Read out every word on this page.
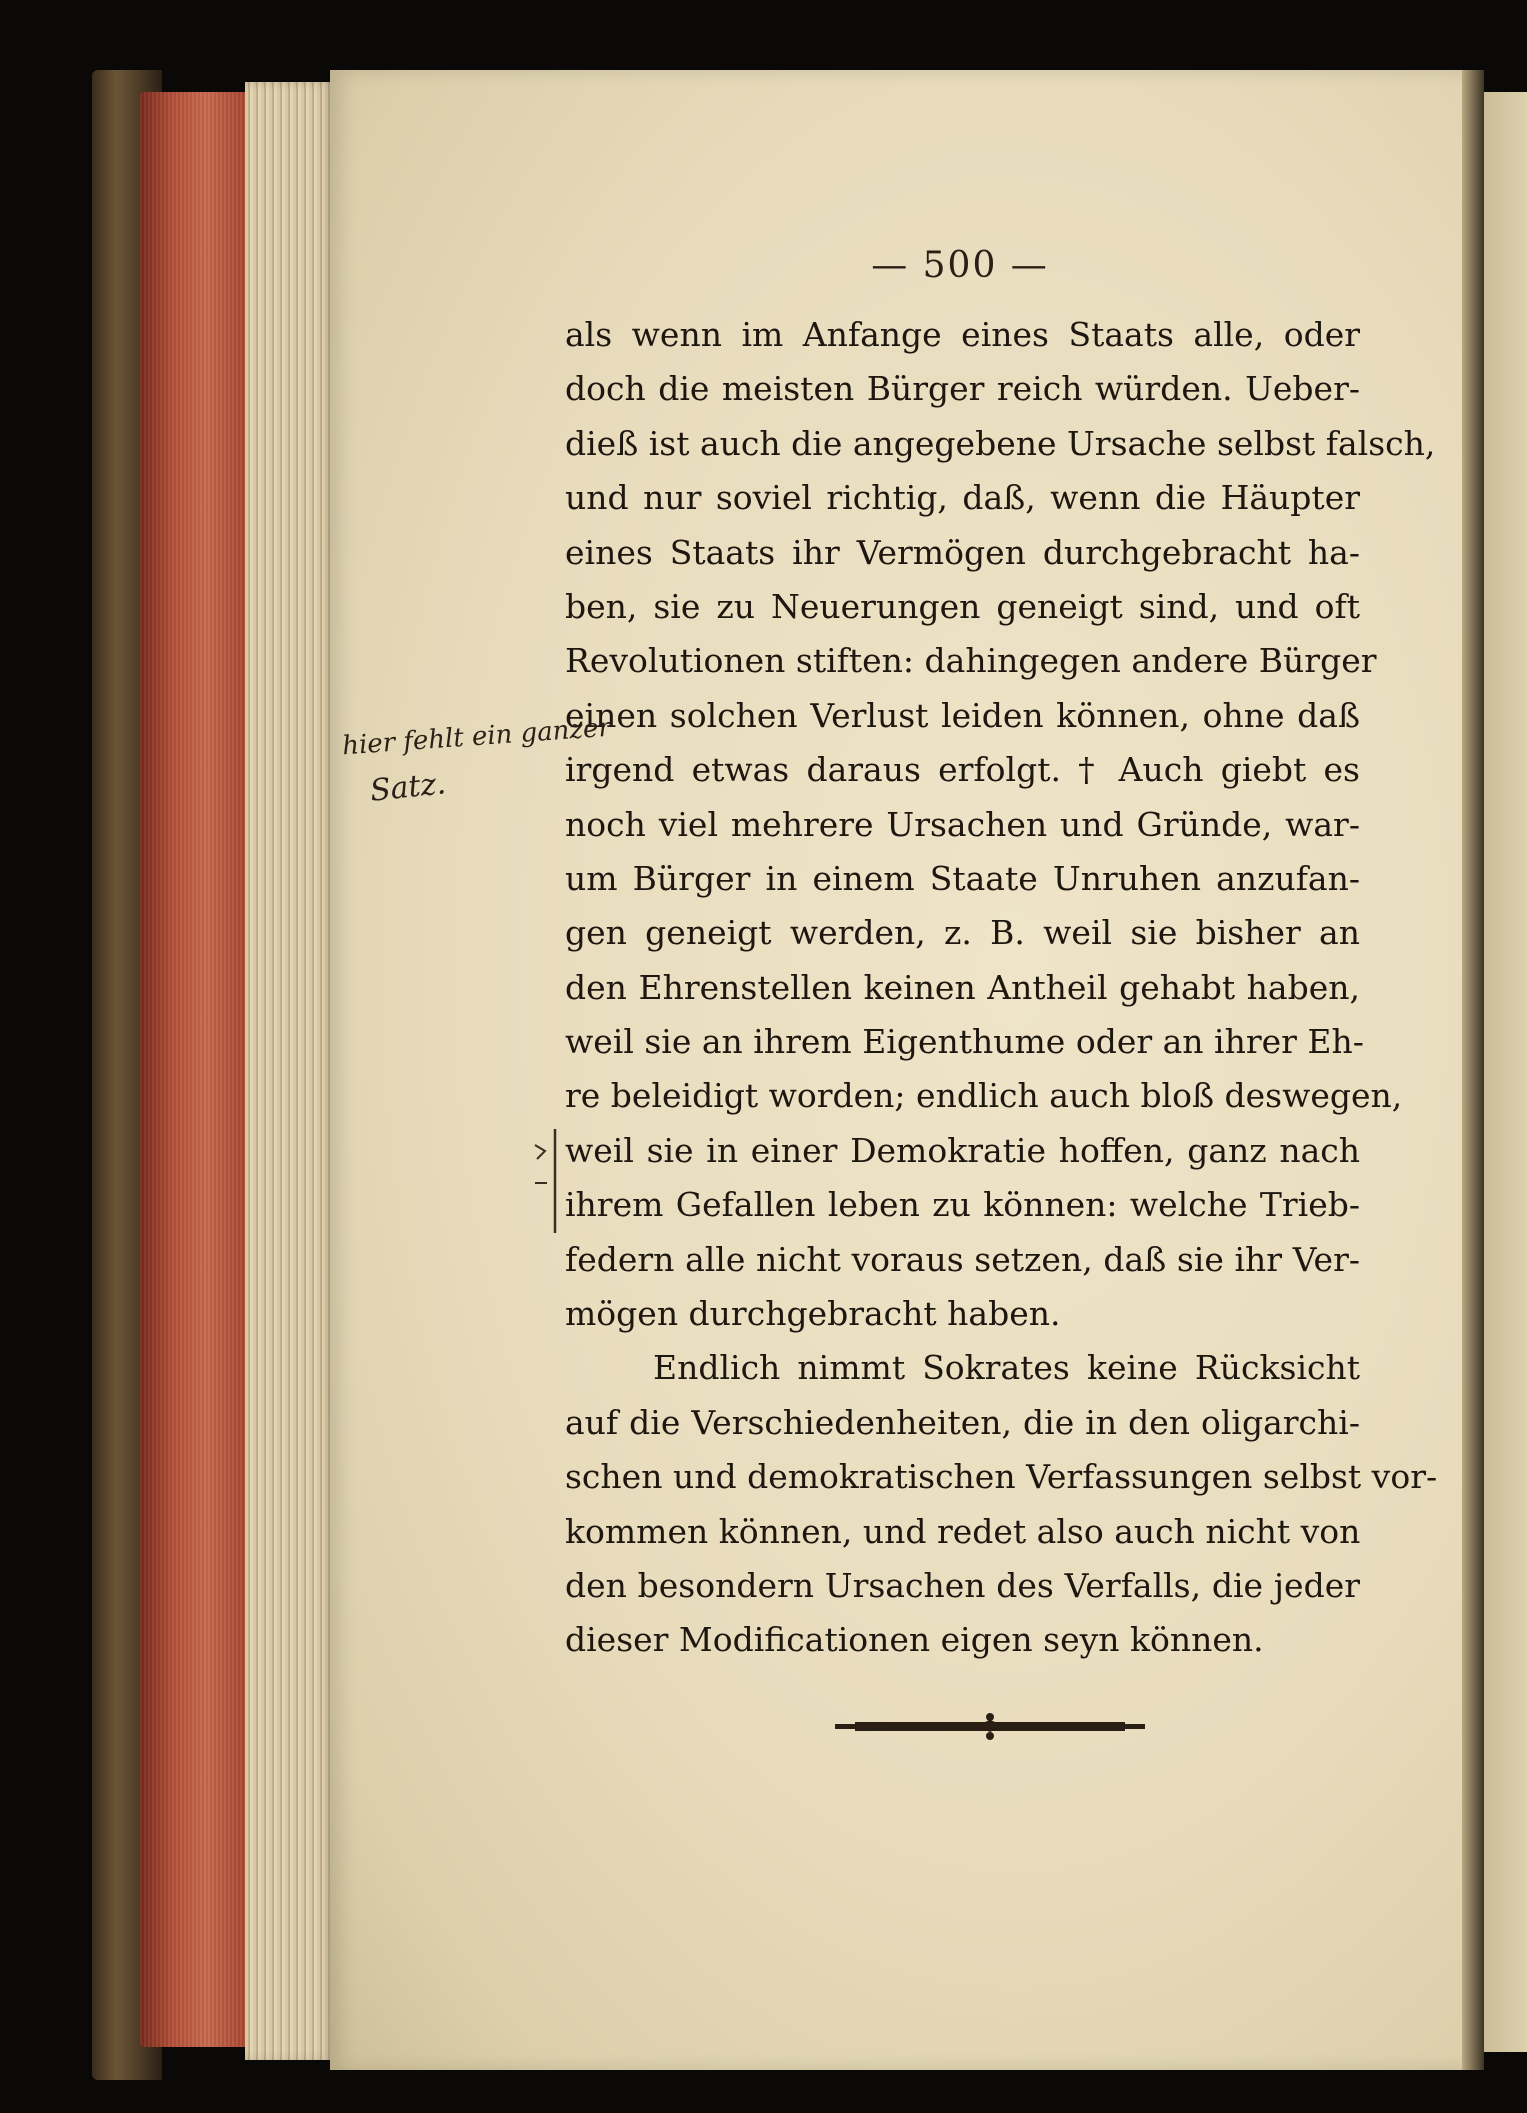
— 500 —
als wenn im Anfange eines Staats alle, oder
doch die meisten Bürger reich würden. Ueber-
dieß ist auch die angegebene Ursache selbst falsch,
und nur soviel richtig, daß, wenn die Häupter
eines Staats ihr Vermögen durchgebracht ha-
ben, sie zu Neuerungen geneigt sind, und oft
Revolutionen stiften: dahingegen andere Bürger
einen solchen Verlust leiden können, ohne daß
irgend etwas daraus erfolgt. † Auch giebt es
noch viel mehrere Ursachen und Gründe, war-
um Bürger in einem Staate Unruhen anzufan-
gen geneigt werden, z. B. weil sie bisher an
den Ehrenstellen keinen Antheil gehabt haben,
weil sie an ihrem Eigenthume oder an ihrer Eh-
re beleidigt worden; endlich auch bloß deswegen,
weil sie in einer Demokratie hoffen, ganz nach
ihrem Gefallen leben zu können: welche Trieb-
federn alle nicht voraus setzen, daß sie ihr Ver-
mögen durchgebracht haben.
Endlich nimmt Sokrates keine Rücksicht
auf die Verschiedenheiten, die in den oligarchi-
schen und demokratischen Verfassungen selbst vor-
kommen können, und redet also auch nicht von
den besondern Ursachen des Verfalls, die jeder
dieser Modificationen eigen seyn können.
hier fehlt ein ganzer
Satz.
